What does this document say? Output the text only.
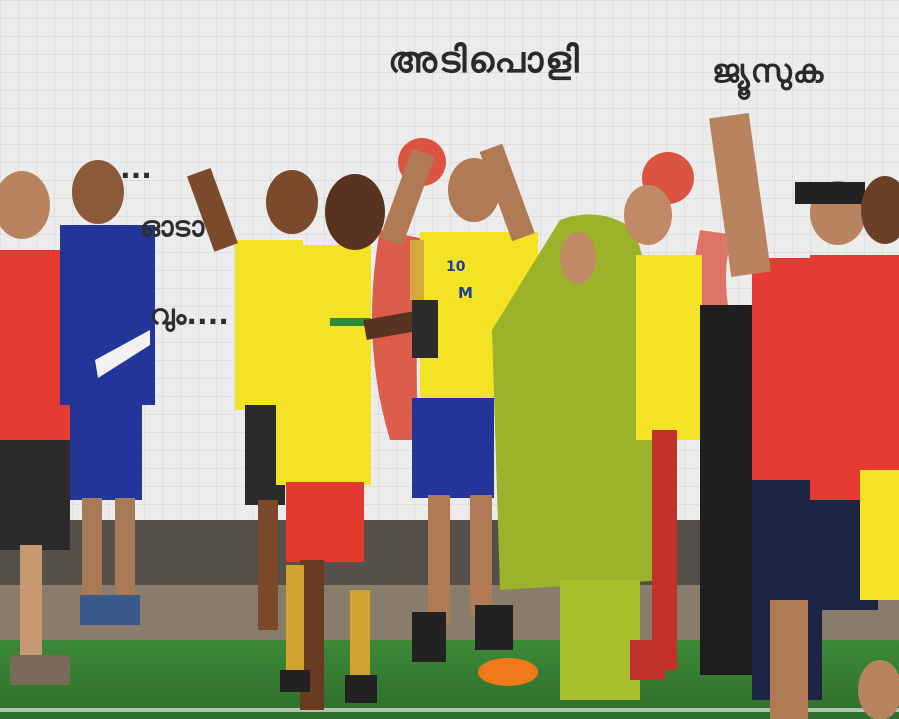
അടിപൊളി	ജ്യൂസുക
...
ഓടാ
വും....
10
M
